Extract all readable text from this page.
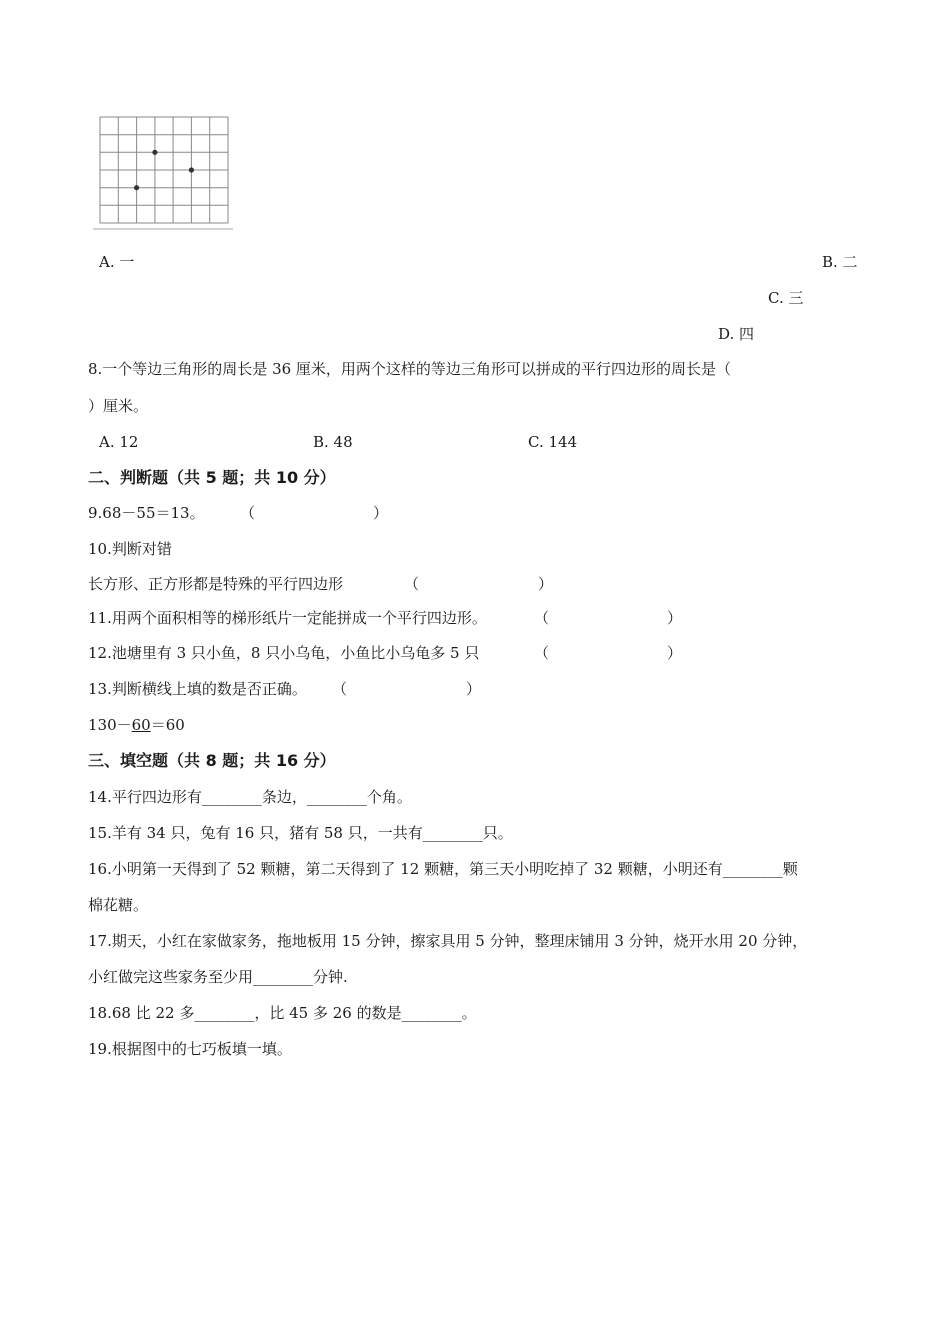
A. 一	B. 二
C. 三
D. 四
8.一个等边三角形的周长是 36 厘米，用两个这样的等边三角形可以拼成的平行四边形的周长是（
）厘米。
A. 12	B. 48	C. 144
二、判断题（共 5 题；共 10 分）
9.68－55＝13。 （	）
10.判断对错
长方形、正方形都是特殊的平行四边形	（	）
11.用两个面积相等的梯形纸片一定能拼成一个平行四边形。	（	）
12.池塘里有 3 只小鱼，8 只小乌龟，小鱼比小乌龟多 5 只	（	）
13.判断横线上填的数是否正确。 （	）
130－60＝60
三、填空题（共 8 题；共 16 分）
14.平行四边形有________条边，________个角。
15.羊有 34 只，兔有 16 只，猪有 58 只，一共有________只。
16.小明第一天得到了 52 颗糖，第二天得到了 12 颗糖，第三天小明吃掉了 32 颗糖，小明还有________颗
棉花糖。
17.期天，小红在家做家务，拖地板用 15 分钟，擦家具用 5 分钟，整理床铺用 3 分钟，烧开水用 20 分钟，
小红做完这些家务至少用________分钟.
18.68 比 22 多________，比 45 多 26 的数是________。
19.根据图中的七巧板填一填。
